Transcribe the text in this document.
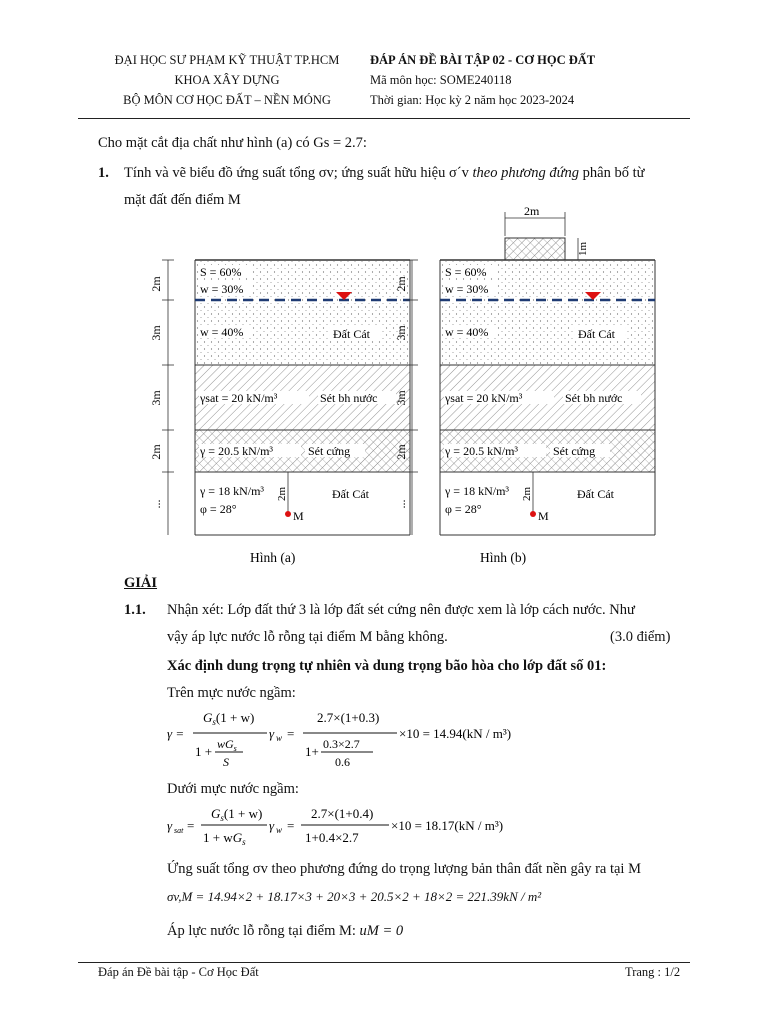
ĐẠI HỌC SƯ PHẠM KỸ THUẬT TP.HCM
KHOA XÂY DỰNG
BỘ MÔN CƠ HỌC ĐẤT – NỀN MÓNG
ĐÁP ÁN ĐỀ BÀI TẬP 02 - CƠ HỌC ĐẤT
Mã môn học: SOME240118
Thời gian: Học kỳ 2 năm học 2023-2024
Cho mặt cắt địa chất như hình (a) có Gs = 2.7:
1. Tính và vẽ biểu đồ ứng suất tổng σv; ứng suất hữu hiệu σ´v theo phương đứng phân bố từ
mặt đất đến điểm M
2m
3m
3m
2m
...
S = 60%
w = 30%
w = 40%	Đất Cát
γsat = 20 kN/m³	Sét bh nước
γ = 20.5 kN/m³	Sét cứng
γ = 18 kN/m³
φ = 28°
Đất Cát
2m
M
Hình (a)
2m
1m
2m
3m
3m
2m
...
S = 60%
w = 30%
w = 40%	Đất Cát
γsat = 20 kN/m³	Sét bh nước
γ = 20.5 kN/m³	Sét cứng
γ = 18 kN/m³
φ = 28°
Đất Cát
2m
M
Hình (b)
GIẢI
1.1. Nhận xét: Lớp đất thứ 3 là lớp đất sét cứng nên được xem là lớp cách nước. Như
vậy áp lực nước lỗ rỗng tại điểm M bằng không.	(3.0 điểm)
Xác định dung trọng tự nhiên và dung trọng bão hòa cho lớp đất số 01:
Trên mực nước ngầm:
γ =
$G_s(1 + w)$
$1 + wG_s$
S
γ w =
2.7×(1+0.3)
1+ 0.3×2.7
0.6
×10 = 14.94(kN / m³)
Dưới mực nước ngầm:
γ sat =
$G_s(1 + w)$
$1 + wG_s$
γ w =
2.7×(1+0.4)
1+0.4×2.7
×10 = 18.17(kN / m³)
Ứng suất tổng σv theo phương đứng do trọng lượng bản thân đất nền gây ra tại M
σv,M = 14.94×2 + 18.17×3 + 20×3 + 20.5×2 + 18×2 = 221.39kN / m²
Áp lực nước lỗ rỗng tại điểm M: uM = 0
Đáp án Đề bài tập - Cơ Học Đất	Trang : 1/2
